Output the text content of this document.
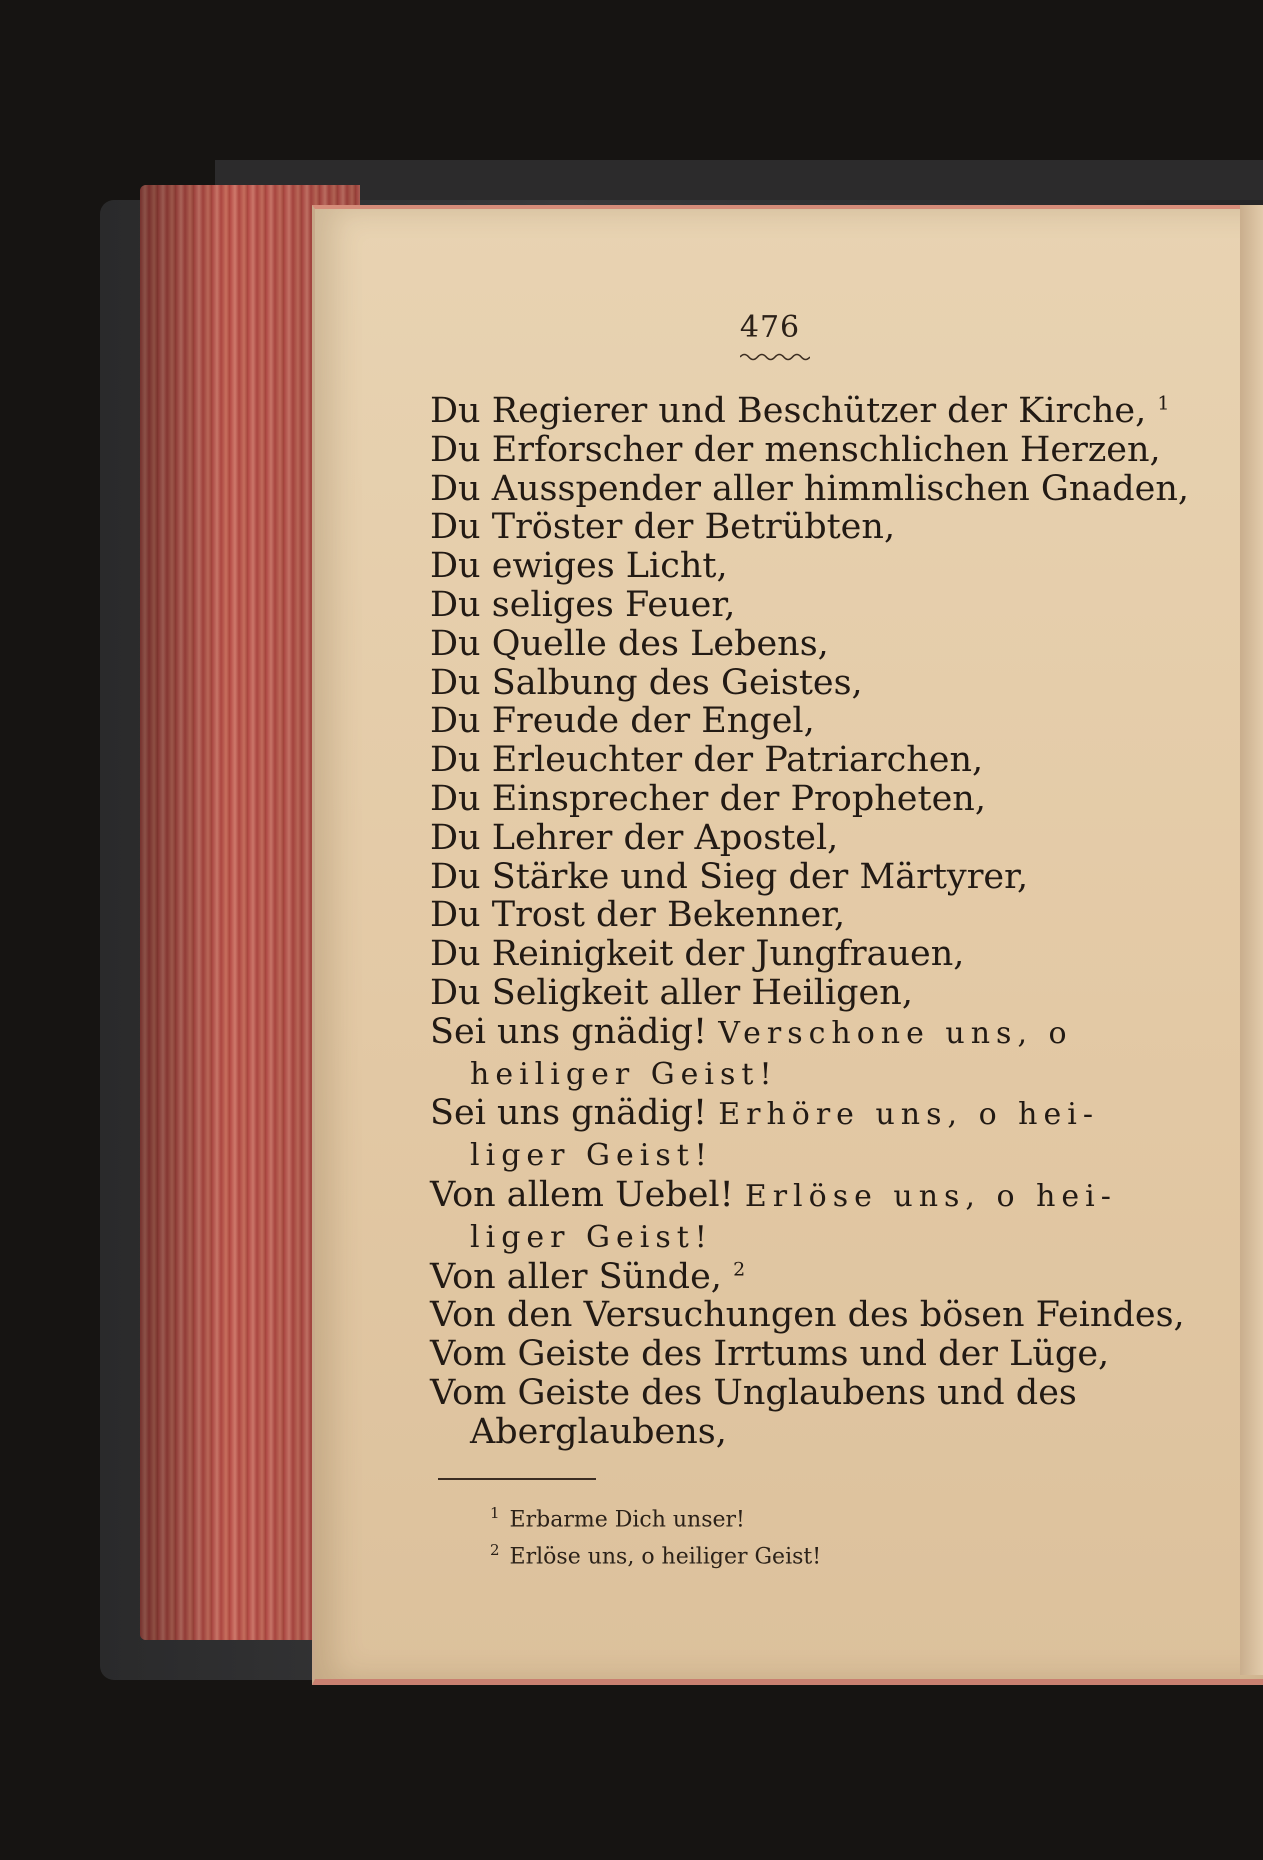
476
Du Regierer und Beschützer der Kirche, $^1$
Du Erforscher der menschlichen Herzen,
Du Ausspender aller himmlischen Gnaden,
Du Tröster der Betrübten,
Du ewiges Licht,
Du seliges Feuer,
Du Quelle des Lebens,
Du Salbung des Geistes,
Du Freude der Engel,
Du Erleuchter der Patriarchen,
Du Einsprecher der Propheten,
Du Lehrer der Apostel,
Du Stärke und Sieg der Märtyrer,
Du Trost der Bekenner,
Du Reinigkeit der Jungfrauen,
Du Seligkeit aller Heiligen,
Sei uns gnädig! Verschone uns, o
heiliger Geist!
Sei uns gnädig! Erhöre uns, o hei-
liger Geist!
Von allem Uebel! Erlöse uns, o hei-
liger Geist!
Von aller Sünde, $^2$
Von den Versuchungen des bösen Feindes,
Vom Geiste des Irrtums und der Lüge,
Vom Geiste des Unglaubens und des
Aberglaubens,
$^1$ Erbarme Dich unser!
$^2$ Erlöse uns, o heiliger Geist!
